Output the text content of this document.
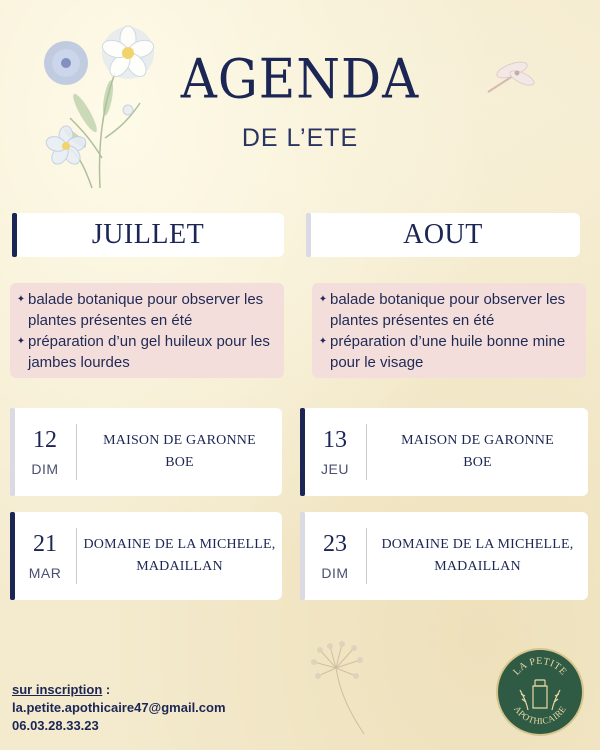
AGENDA
DE L’ETE
JUILLET	AOUT
✦ balade botanique pour observer les plantes présentes en été
✦ préparation d’un gel huileux pour les jambes lourdes
✦ balade botanique pour observer les plantes présentes en été
✦ préparation d’une huile bonne mine pour le visage
12
DIM
MAISON DE GARONNE
BOE
21
MAR
DOMAINE DE LA MICHELLE,
MADAILLAN
13
JEU
MAISON DE GARONNE
BOE
23
DIM
DOMAINE DE LA MICHELLE,
MADAILLAN
sur inscription :
la.petite.apothicaire47@gmail.com
06.03.28.33.23
LA PETITE
APOTHICAIRE
